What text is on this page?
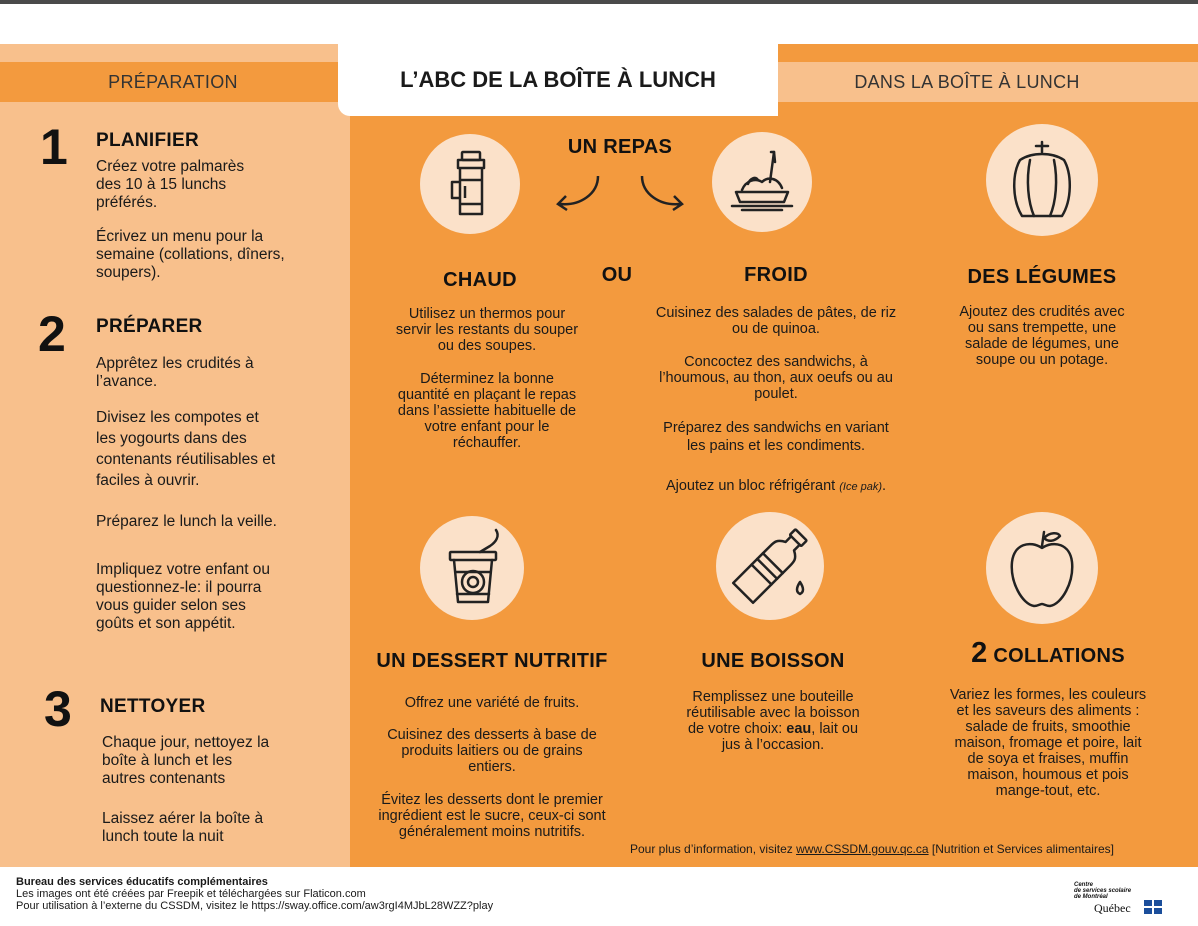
PRÉPARATION	DANS LA BOÎTE À LUNCH
L’ABC DE LA BOÎTE À LUNCH
1 PLANIFIER
Créez votre palmarès
des 10 à 15 lunchs
préférés.
Écrivez un menu pour la
semaine (collations, dîners,
soupers).
2 PRÉPARER
Apprêtez les crudités à
l’avance.
Divisez les compotes et
les yogourts dans des
contenants réutilisables et
faciles à ouvrir.
Préparez le lunch la veille.
Impliquez votre enfant ou
questionnez-le: il pourra
vous guider selon ses
goûts et son appétit.
3 NETTOYER
Chaque jour, nettoyez la
boîte à lunch et les
autres contenants
Laissez aérer la boîte à
lunch toute la nuit
UN REPAS
CHAUD	OU	FROID	DES LÉGUMES
Utilisez un thermos pour
servir les restants du souper
ou des soupes.
Déterminez la bonne
quantité en plaçant le repas
dans l’assiette habituelle de
votre enfant pour le
réchauffer.
Cuisinez des salades de pâtes, de riz
ou de quinoa.
Concoctez des sandwichs, à
l’houmous, au thon, aux oeufs ou au
poulet.
Préparez des sandwichs en variant
les pains et les condiments.
Ajoutez un bloc réfrigérant (Ice pak).
Ajoutez des crudités avec
ou sans trempette, une
salade de légumes, une
soupe ou un potage.
UN DESSERT NUTRITIF	UNE BOISSON	2 COLLATIONS
Offrez une variété de fruits.
Cuisinez des desserts à base de
produits laitiers ou de grains
entiers.
Évitez les desserts dont le premier
ingrédient est le sucre, ceux-ci sont
généralement moins nutritifs.
Remplissez une bouteille
réutilisable avec la boisson
de votre choix: eau, lait ou
jus à l’occasion.
Variez les formes, les couleurs
et les saveurs des aliments :
salade de fruits, smoothie
maison, fromage et poire, lait
de soya et fraises, muffin
maison, houmous et pois
mange-tout, etc.
Pour plus d’information, visitez www.CSSDM.gouv.qc.ca [Nutrition et Services alimentaires]
Bureau des services éducatifs complémentaires
Les images ont été créées par Freepik et téléchargées sur Flaticon.com
Pour utilisation à l’externe du CSSDM, visitez le https://sway.office.com/aw3rgI4MJbL28WZZ?play
Centre
de services scolaire
de Montréal
Québec
